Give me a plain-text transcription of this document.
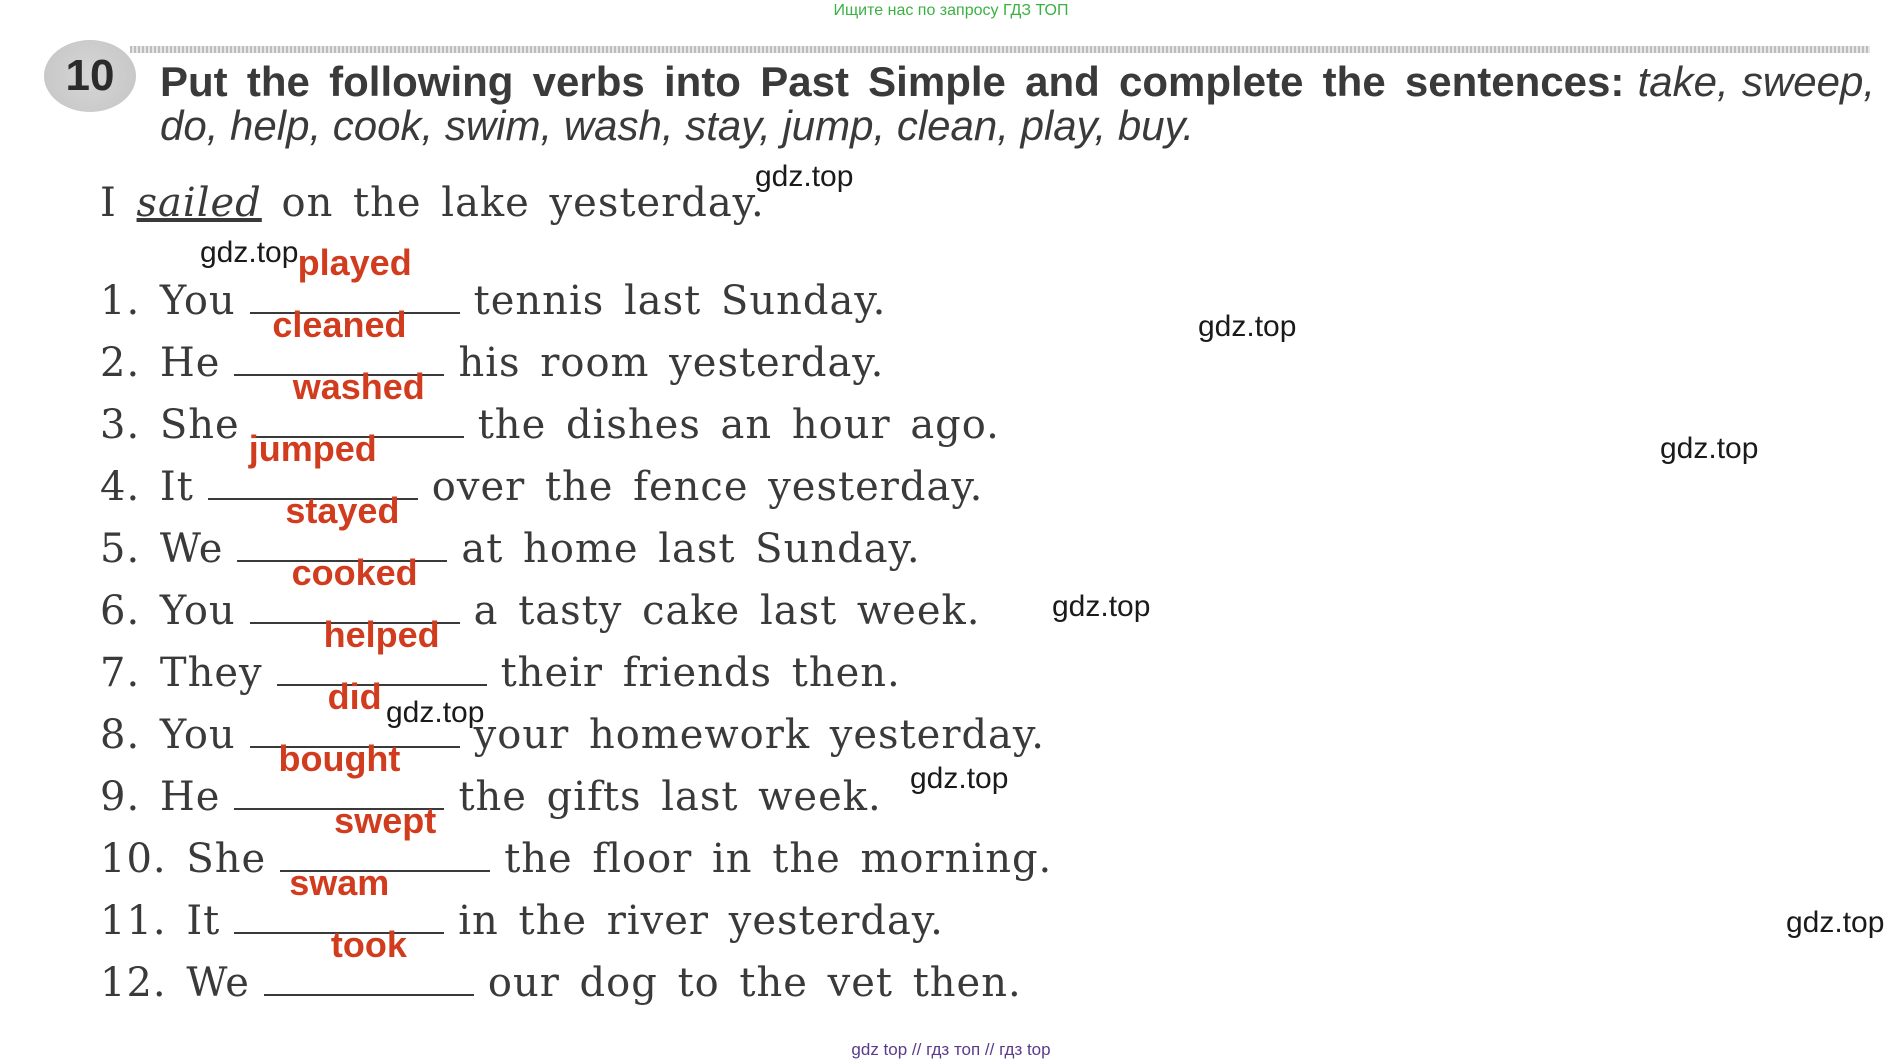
Ищите нас по запросу ГДЗ ТОП
10 Put the following verbs into Past Simple and complete the sentences: take, sweep, do, help, cook, swim, wash, stay, jump, clean, play, buy.
I sailed on the lake yesterday.
1. You
played
tennis last Sunday.
2. He
cleaned
his room yesterday.
3. She
washed
the dishes an hour ago.
4. It
jumped
over the fence yesterday.
5. We
stayed
at home last Sunday.
6. You
cooked
a tasty cake last week.
7. They
helped
their friends then.
8. You
did
your homework yesterday.
9. He
bought
the gifts last week.
10. She
swept
the floor in the morning.
11. It
swam
in the river yesterday.
12. We
took
our dog to the vet then.
gdz.top
gdz.top
gdz.top
gdz.top
gdz.top
gdz.top
gdz.top
gdz.top
gdz top // гдз топ // гдз top
